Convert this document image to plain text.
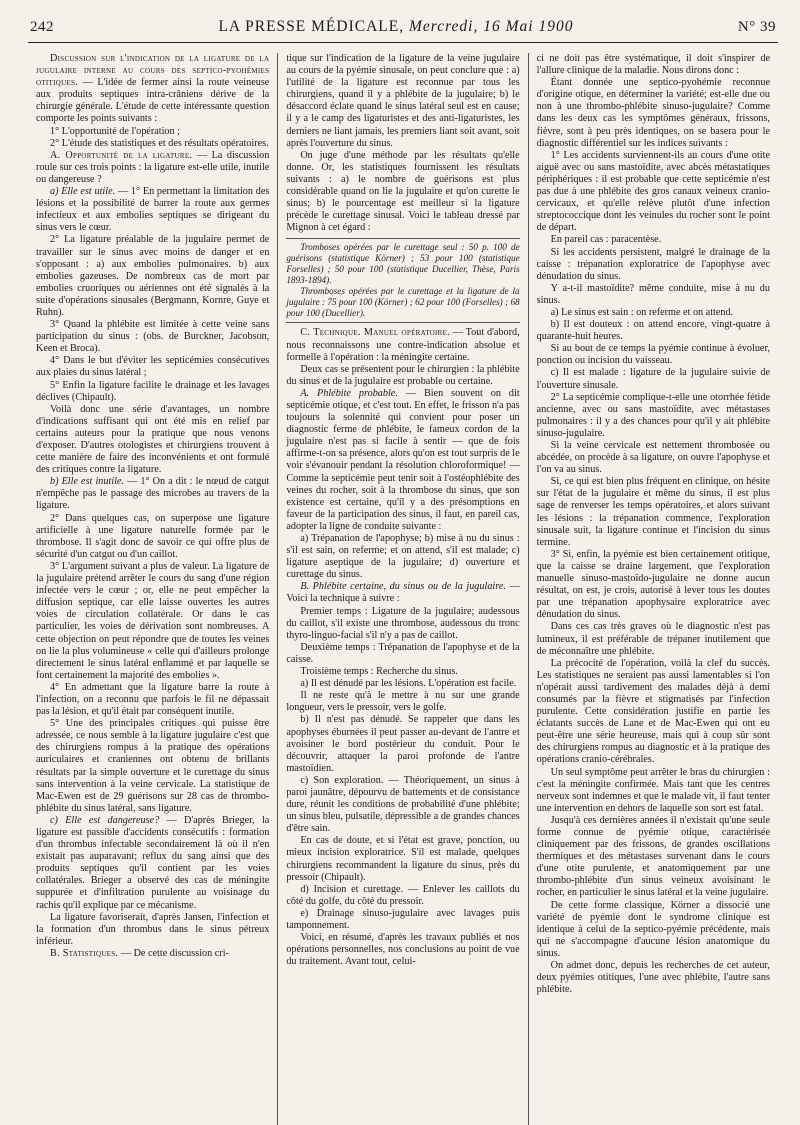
242	LA PRESSE MÉDICALE, Mercredi, 16 Mai 1900	N° 39

Discussion sur l'indication de la ligature de la jugulaire interne au cours des septico-pyohémies otitiques. — L'idée de fermer ainsi la route veineuse aux produits septiques intra-crâniens dérive de la chirurgie générale. L'étude de cette intéressante question comporte les points suivants :

1° L'opportunité de l'opération ;

2° L'étude des statistiques et des résultats opératoires.

A. Opportunité de la ligature. — La discussion roule sur ces trois points : la ligature est-elle utile, inutile ou dangereuse ?

a) Elle est utile. — 1° En permettant la limitation des lésions et la possibilité de barrer la route aux germes infectieux et aux embolies septiques se dirigeant du sinus vers le cœur.

2° La ligature préalable de la jugulaire permet de travailler sur le sinus avec moins de danger et en s'opposant : a) aux embolies pulmonaires. b) aux embolies gazeuses. De nombreux cas de mort par embolies cruoriques ou aériennes ont été signalés à la suite d'opérations sinusales (Bergmann, Kornre, Guye et Ruhn).

3° Quand la phlébite est limitée à cette veine sans participation du sinus : (obs. de Burckner, Jacobson, Keen et Broca).

4° Dans le but d'éviter les septicémies consécutives aux plaies du sinus latéral ;

5° Enfin la ligature facilite le drainage et les lavages déclives (Chipault).

Voilà donc une série d'avantages, un nombre d'indications suffisant qui ont été mis en relief par certains auteurs pour la pratique que nous venons d'exposer. D'autres otologistes et chirurgiens trouvent à cette manière de faire des inconvénients et ont formulé des critiques contre la ligature.

b) Elle est inutile. — 1° On a dit : le nœud de catgut n'empêche pas le passage des microbes au travers de la ligature.

2° Dans quelques cas, on superpose une ligature artificielle à une ligature naturelle formée par le thrombose. Il s'agit donc de savoir ce qui offre plus de sécurité d'un catgut ou d'un caillot.

3° L'argument suivant a plus de valeur. La ligature de la jugulaire prétend arrêter le cours du sang d'une région infectée vers le cœur ; or, elle ne peut empêcher la diffusion septique, car elle laisse ouvertes les autres voies de circulation collatérale. Or dans le cas particulier, les voies de dérivation sont nombreuses. A cette objection on peut répondre que de toutes les veines on lie la plus volumineuse « celle qui d'ailleurs prolonge directement le sinus latéral enflammé et par laquelle se font certainement la majorité des embolies ».

4° En admettant que la ligature barre la route à l'infection, on a reconnu que parfois le fil ne dépassait pas la lésion, et qu'il était par conséquent inutile.

5° Une des principales critiques qui puisse être adressée, ce nous semble à la ligature jugulaire c'est que des chirurgiens rompus à la pratique des opérations auriculaires et craniennes ont obtenu de brillants résultats par la simple ouverture et le curettage du sinus sans intervention à la veine cervicale. La statistique de Mac-Ewen est de 29 guérisons sur 28 cas de thrombo-phlébite du sinus latéral, sans ligature.

c) Elle est dangereuse? — D'après Brieger, la ligature est passible d'accidents consécutifs : formation d'un thrombus infectable secondairement là où il n'en existait pas auparavant; reflux du sang ainsi que des produits septiques qu'il contient par les voies collatérales. Brieger a observé des cas de méningite suppurée et d'infiltration purulente au voisinage du rachis qu'il explique par ce mécanisme.

La ligature favoriserait, d'après Jansen, l'infection et la formation d'un thrombus dans le sinus pétreux inférieur.

B. Statistiques. — De cette discussion cri-

tique sur l'indication de la ligature de la veine jugulaire au cours de la pyémie sinusale, on peut conclure que : a) l'utilité de la ligature est reconnue par tous les chirurgiens, quand il y a phlébite de la jugulaire; b) le désaccord éclate quand le sinus latéral seul est en cause; il y a le camp des ligaturistes et des anti-ligaturistes, les derniers ne liant jamais, les premiers liant soit avant, soit après l'ouverture du sinus.

On juge d'une méthode par les résultats qu'elle donne. Or, les statistiques fournissent les résultats suivants : a) le nombre de guérisons est plus considérable quand on lie la jugulaire et qu'on curette le sinus; b) le pourcentage est meilleur si la ligature précède le curettage sinusal. Voici le tableau dressé par Mignon à cet égard :

Tromboses opérées par le curettage seul : 50 p. 100 de guérisons (statistique Körner) ; 53 pour 100 (statistique Forselles) ; 50 pour 100 (statistique Ducellier, Thèse, Paris 1893-1894).

Thromboses opérées par le curettage et la ligature de la jugulaire : 75 pour 100 (Körner) ; 62 pour 100 (Forselles) ; 68 pour 100 (Ducellier).

C. Technique. Manuel opératoire. — Tout d'abord, nous reconnaissons une contre-indication absolue et formelle à l'opération : la méningite certaine.

Deux cas se présentent pour le chirurgien : la phlébite du sinus et de la jugulaire est probable ou certaine.

A. Phlébite probable. — Bien souvent on dit septicémie otique, et c'est tout. En effet, le frisson n'a pas toujours la solennité qui convient pour poser un diagnostic ferme de phlébite, le fameux cordon de la jugulaire n'est pas si facile à sentir — que de fois affirme-t-on sa présence, alors qu'on est tout surpris de le voir s'évanouir pendant la résolution chloroformique! — Comme la septicémie peut tenir soit à l'ostéophlébite des veines du rocher, soit à la thrombose du sinus, que son existence est certaine, qu'il y a des présomptions en faveur de la participation des sinus, il faut, en pareil cas, adopter la ligne de conduite suivante :

a) Trépanation de l'apophyse; b) mise à nu du sinus : s'il est sain, on referme; et on attend, s'il est malade; c) ligature aseptique de la jugulaire; d) ouverture et curettage du sinus.

B. Phlébite certaine, du sinus ou de la jugulaire. — Voici la technique à suivre :

Premier temps : Ligature de la jugulaire; audessous du caillot, s'il existe une thrombose, audessous du tronc thyro-linguo-facial s'il n'y a pas de caillot.

Deuxième temps : Trépanation de l'apophyse et de la caisse.

Troisième temps : Recherche du sinus.

a) Il est dénudé par les lésions. L'opération est facile.

Il ne reste qu'à le mettre à nu sur une grande longueur, vers le pressoir, vers le golfe.

b) Il n'est pas dénudé. Se rappeler que dans les apophyses éburnées il peut passer au-devant de l'antre et avoisiner le bord postérieur du conduit. Pour le découvrir, attaquer la paroi profonde de l'antre mastoïdien.

c) Son exploration. — Théoriquement, un sinus à paroi jaunâtre, dépourvu de battements et de consistance dure, réunit les conditions de probabilité d'une phlébite; un sinus bleu, pulsatile, dépressible a de grandes chances d'être sain.

En cas de doute, et si l'état est grave, ponction, ou mieux incision exploratrice. S'il est malade, quelques chirurgiens recommandent la ligature du sinus, près du pressoir (Chipault).

d) Incision et curettage. — Enlever les caillots du côté du golfe, du côté du pressoir.

e) Drainage sinuso-jugulaire avec lavages puis tamponnement.

Voici, en résumé, d'après les travaux publiés et nos opérations personnelles, nos conclusions au point de vue du traitement. Avant tout, celui-

ci ne doit pas être systématique, il doit s'inspirer de l'allure clinique de la maladie. Nous dirons donc :

Étant donnée une septico-pyohémie reconnue d'origine otique, en déterminer la variété; est-elle due ou non à une thrombo-phlébite sinuso-jugulaire? Comme dans les deux cas les symptômes généraux, frissons, fièvre, sont à peu près identiques, on se basera pour le diagnostic différentiel sur les indices suivants :

1° Les accidents surviennent-ils au cours d'une otite aiguë avec ou sans mastoïdite, avec abcès métastatiques périphériques : il est probable que cette septicémie n'est pas due à une phlébite des gros canaux veineux cranio-cervicaux, et qu'elle relève plutôt d'une infection streptococcique dont les veinules du rocher sont le point de départ.

En pareil cas : paracentèse.

Si les accidents persistent, malgré le drainage de la caisse : trépanation exploratrice de l'apophyse avec dénudation du sinus.

Y a-t-il mastoïdite? même conduite, mise à nu du sinus.

a) Le sinus est sain : on referme et on attend.

b) Il est douteux : on attend encore, vingt-quatre à quarante-huit heures.

Si au bout de ce temps la pyémie continue à évoluer, ponction ou incision du vaisseau.

c) Il est malade : ligature de la jugulaire suivie de l'ouverture sinusale.

2° La septicémie complique-t-elle une otorrhée fétide ancienne, avec ou sans mastoïdite, avec métastases pulmonaires : il y a des chances pour qu'il y ait phlébite sinuso-jugulaire.

Si la veine cervicale est nettement thrombosée ou abcédée, on procède à sa ligature, on ouvre l'apophyse et l'on va au sinus.

Si, ce qui est bien plus fréquent en clinique, on hésite sur l'état de la jugulaire et même du sinus, il est plus sage de renverser les temps opératoires, et alors suivant les lésions : la trépanation commence, l'exploration sinusale suit, la ligature continue et l'incision du sinus termine.

3° Si, enfin, la pyémie est bien certainement otitique, que la caisse se draine largement, que l'exploration manuelle sinuso-mastoïdo-jugulaire ne donne aucun résultat, on est, je crois, autorisé à lever tous les doutes par une trépanation apophysaire exploratrice avec dénudation du sinus.

Dans ces cas très graves où le diagnostic n'est pas lumineux, il est préférable de trépaner inutilement que de méconnaître une phlébite.

La précocité de l'opération, voilà la clef du succès. Les statistiques ne seraient pas aussi lamentables si l'on n'opérait aussi tardivement des malades déjà à demi consumés par la fièvre et stigmatisés par l'infection purulente. Cette considération justifie en partie les éclatants succès de Lane et de Mac-Ewen qui ont eu peut-être une série heureuse, mais qui à coup sûr sont des chirurgiens rompus au diagnostic et à la pratique des opérations cranio-cérébrales.

Un seul symptôme peut arrêter le bras du chirurgien : c'est la méningite confirmée. Mais tant que les centres nerveux sont indemnes et que le malade vit, il faut tenter une intervention en dehors de laquelle son sort est fatal.

Jusqu'à ces dernières années il n'existait qu'une seule forme connue de pyémie otique, caractérisée cliniquement par des frissons, de grandes oscillations thermiques et des métastases survenant dans le cours d'une otite purulente, et anatomiquement par une thrombo-phlébite d'un sinus veineux avoisinant le rocher, en particulier le sinus latéral et la veine jugulaire.

De cette forme classique, Körner a dissocié une variété de pyémie dont le syndrome clinique est identique à celui de la septico-pyémie précédente, mais qui ne s'accompagne d'aucune lésion anatomique du sinus.

On admet donc, depuis les recherches de cet auteur, deux pyémies otitiques, l'une avec phlébite, l'autre sans phlébite.
